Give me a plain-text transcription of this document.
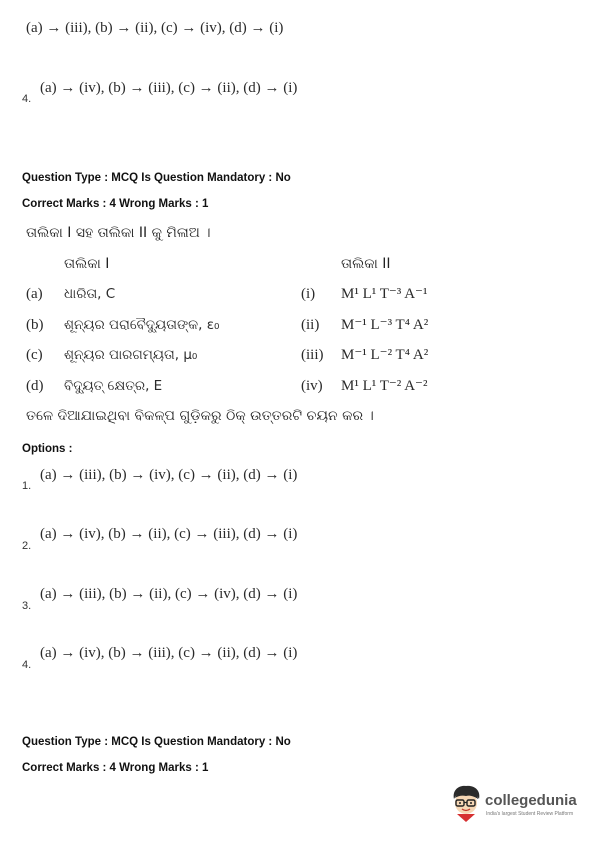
(a) → (iii), (b) → (ii), (c) → (iv), (d) → (i)
4.
(a) → (iv), (b) → (iii), (c) → (ii), (d) → (i)
Question Type : MCQ Is Question Mandatory : No
Correct Marks : 4 Wrong Marks : 1
ତାଲିକା I ସହ ତାଲିକା II କୁ ମିଳାଅ ।
ତାଲିକା I	ତାଲିକା II
(a) ଧାରିତା, C	(i) M¹ L¹ T⁻³ A⁻¹
(b) ଶୂନ୍ୟର ପରାବୈଦ୍ୟୁତାଙ୍କ, ε₀	(ii) M⁻¹ L⁻³ T⁴ A²
(c) ଶୂନ୍ୟର ପାରଗମ୍ୟତା, μ₀	(iii) M⁻¹ L⁻² T⁴ A²
(d) ବିଦ୍ୟୁତ୍ କ୍ଷେତ୍ର, E	(iv) M¹ L¹ T⁻² A⁻²
ତଳେ ଦିଆଯାଇଥିବା ବିକଳ୍ପ ଗୁଡ଼ିକରୁ ଠିକ୍ ଉତ୍ତରଟି ଚୟନ କର ।
Options :
1.
(a) → (iii), (b) → (iv), (c) → (ii), (d) → (i)
2.
(a) → (iv), (b) → (ii), (c) → (iii), (d) → (i)
3.
(a) → (iii), (b) → (ii), (c) → (iv), (d) → (i)
4.
(a) → (iv), (b) → (iii), (c) → (ii), (d) → (i)
Question Type : MCQ Is Question Mandatory : No
Correct Marks : 4 Wrong Marks : 1
collegedunia
India's largest Student Review Platform
